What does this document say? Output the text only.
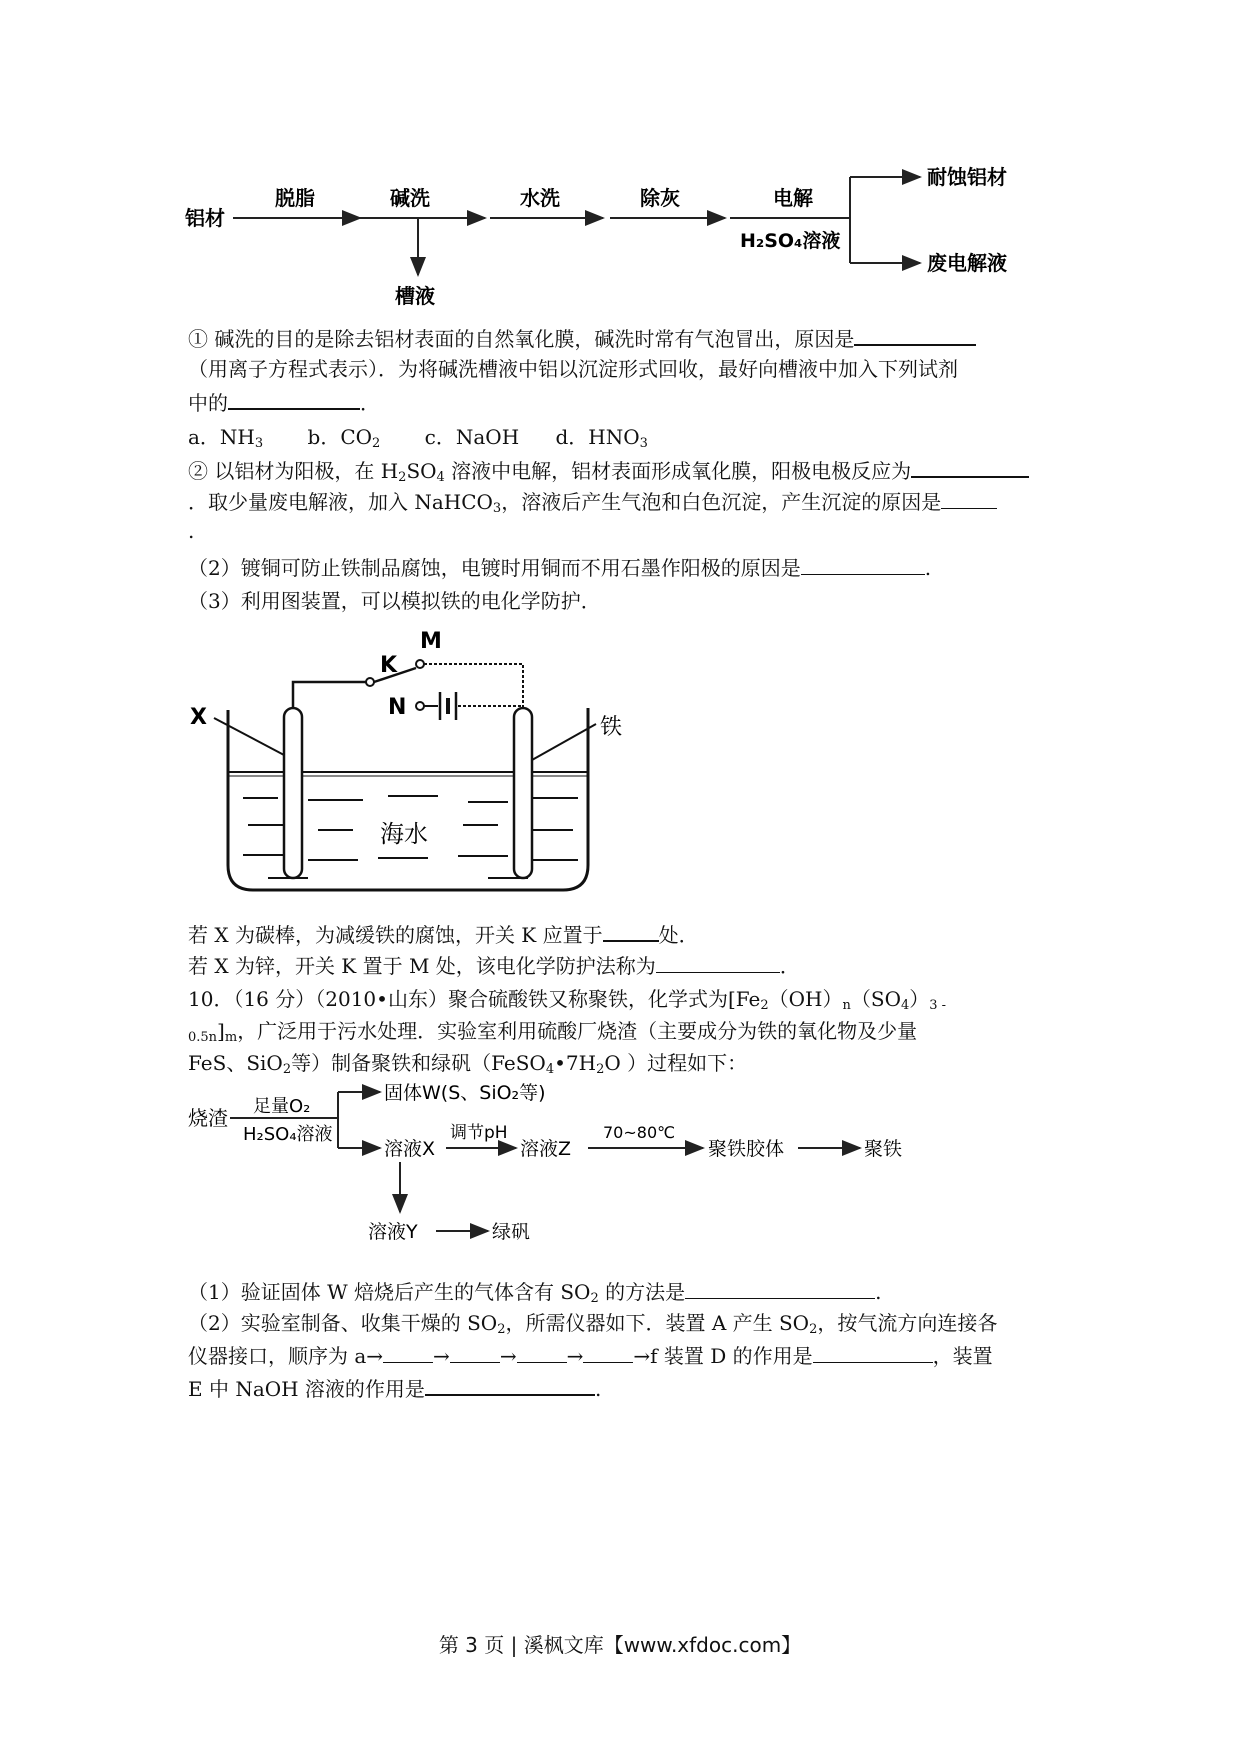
铝材
脱脂	碱洗
槽液
水洗	除灰	电解
H₂SO₄溶液
耐蚀铝材
废电解液
① 碱洗的目的是除去铝材表面的自然氧化膜，碱洗时常有气泡冒出，原因是
（用离子方程式表示）．为将碱洗槽液中铝以沉淀形式回收，最好向槽液中加入下列试剂
中的	．
a．$NH_3$ b．$CO_2$ c．NaOH d．$HNO_3$
② 以铝材为阳极，在 $H_2SO_4$ 溶液中电解，铝材表面形成氧化膜，阳极电极反应为
．取少量废电解液，加入 NaHCO$_3$，溶液后产生气泡和白色沉淀，产生沉淀的原因是
.
（2）镀铜可防止铁制品腐蚀，电镀时用铜而不用石墨作阳极的原因是	.
（3）利用图装置，可以模拟铁的电化学防护．
M
K
N
X	铁
海水
若 X 为碳棒，为减缓铁的腐蚀，开关 K 应置于	处．
若 X 为锌，开关 K 置于 M 处，该电化学防护法称为	．
10．（16 分）（2010•山东）聚合硫酸铁又称聚铁，化学式为[$Fe_2(OH)_n(SO_4)_{3 -}$
$_{0.5n}]_m$，广泛用于污水处理．实验室利用硫酸厂烧渣（主要成分为铁的氧化物及少量
FeS、SiO$_2$等）制备聚铁和绿矾（$FeSO_4•7H_2O$ ）过程如下：
烧渣 足量O₂
H₂SO₄溶液
固体W(S、SiO₂等)
溶液X
调节pH
溶液Z
70~80℃
聚铁胶体	聚铁
溶液Y	绿矾
（1）验证固体 W 焙烧后产生的气体含有 $SO_2$ 的方法是	.
（2）实验室制备、收集干燥的 $SO_2$，所需仪器如下．装置 A 产生 $SO_2$，按气流方向连接各
仪器接口，顺序为 a→	→	→	→	→f 装置 D 的作用是	，装置
E 中 NaOH 溶液的作用是	.
第 3 页 | 溪枫文库【www.xfdoc.com】
